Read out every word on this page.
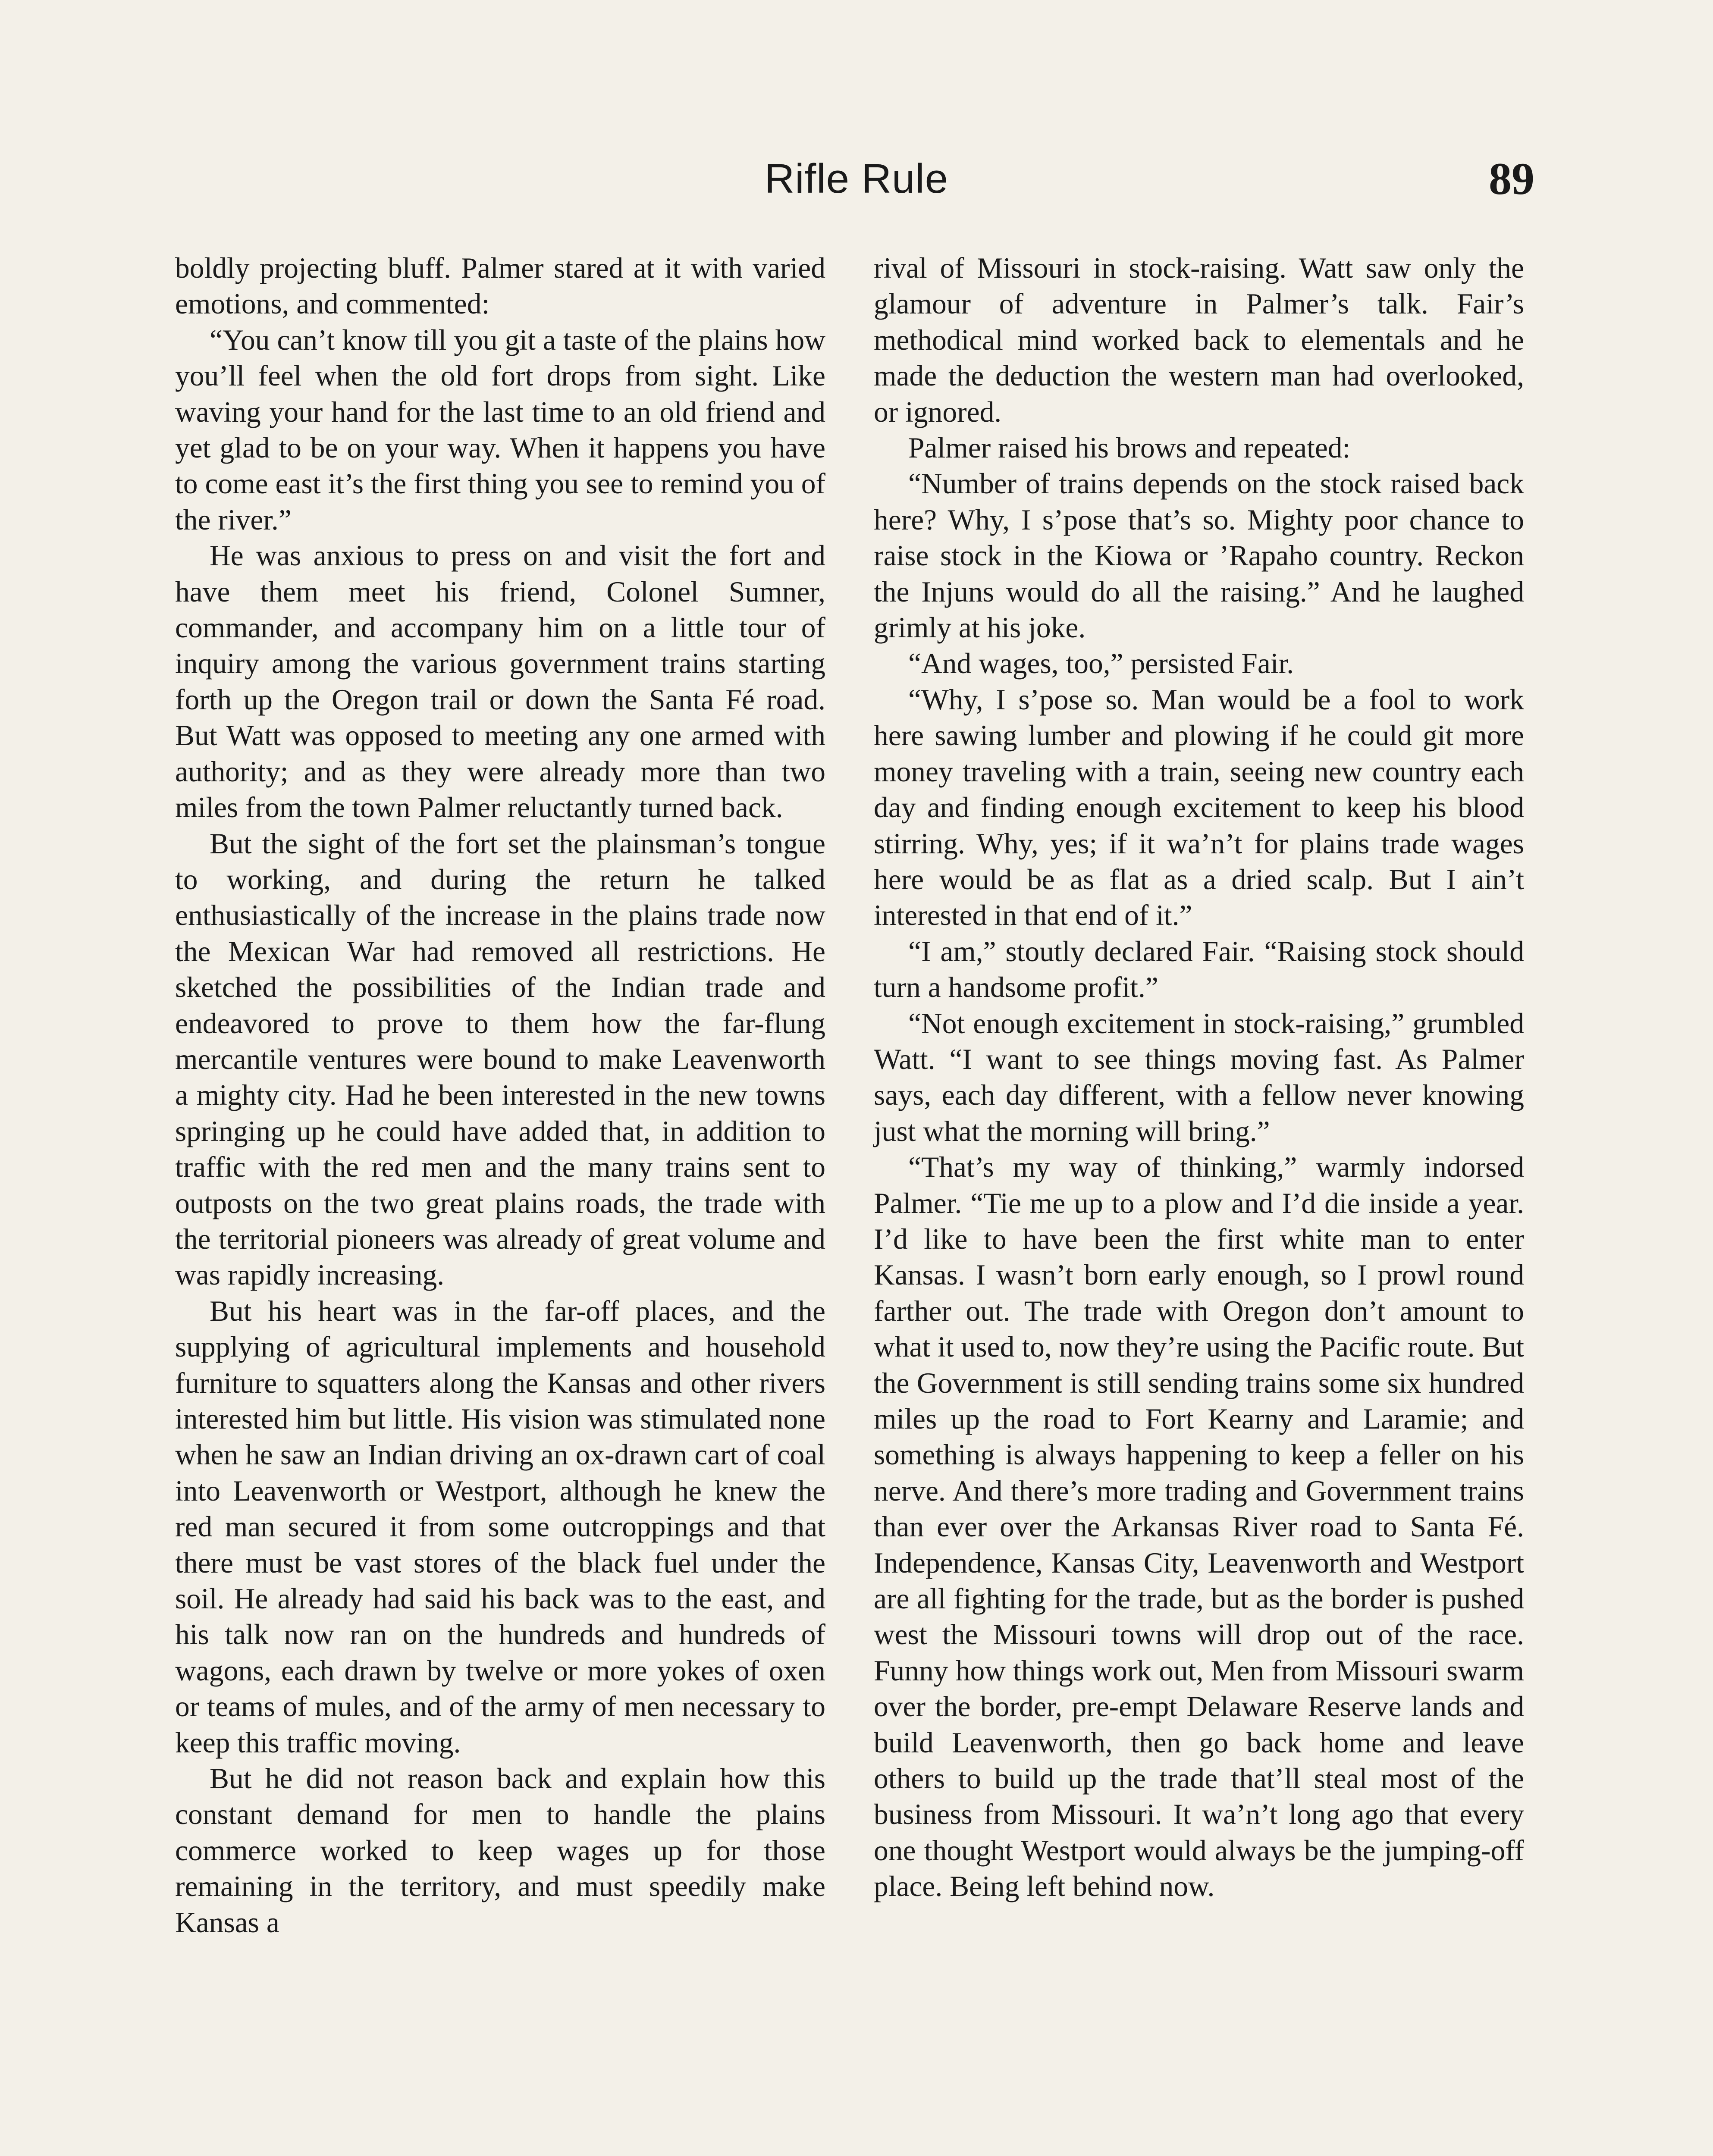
Rifle Rule	89

boldly projecting bluff. Palmer stared at it with varied emotions, and commented:

“You can’t know till you git a taste of the plains how you’ll feel when the old fort drops from sight. Like waving your hand for the last time to an old friend and yet glad to be on your way. When it happens you have to come east it’s the first thing you see to remind you of the river.”

He was anxious to press on and visit the fort and have them meet his friend, Colonel Sumner, commander, and accompany him on a little tour of inquiry among the various government trains starting forth up the Oregon trail or down the Santa Fé road. But Watt was opposed to meeting any one armed with authority; and as they were already more than two miles from the town Palmer reluctantly turned back.

But the sight of the fort set the plainsman’s tongue to working, and during the return he talked enthusiastically of the increase in the plains trade now the Mexican War had removed all restrictions. He sketched the possibilities of the Indian trade and endeavored to prove to them how the far-flung mercantile ventures were bound to make Leavenworth a mighty city. Had he been interested in the new towns springing up he could have added that, in addition to traffic with the red men and the many trains sent to outposts on the two great plains roads, the trade with the territorial pioneers was already of great volume and was rapidly increasing.

But his heart was in the far-off places, and the supplying of agricultural implements and household furniture to squatters along the Kansas and other rivers interested him but little. His vision was stimulated none when he saw an Indian driving an ox-drawn cart of coal into Leavenworth or Westport, although he knew the red man secured it from some outcroppings and that there must be vast stores of the black fuel under the soil. He already had said his back was to the east, and his talk now ran on the hundreds and hundreds of wagons, each drawn by twelve or more yokes of oxen or teams of mules, and of the army of men necessary to keep this traffic moving.

But he did not reason back and explain how this constant demand for men to handle the plains commerce worked to keep wages up for those remaining in the territory, and must speedily make Kansas a

rival of Missouri in stock-raising. Watt saw only the glamour of adventure in Palmer’s talk. Fair’s methodical mind worked back to elementals and he made the deduction the western man had overlooked, or ignored.

Palmer raised his brows and repeated:

“Number of trains depends on the stock raised back here? Why, I s’pose that’s so. Mighty poor chance to raise stock in the Kiowa or ’Rapaho country. Reckon the Injuns would do all the raising.” And he laughed grimly at his joke.

“And wages, too,” persisted Fair.

“Why, I s’pose so. Man would be a fool to work here sawing lumber and plowing if he could git more money traveling with a train, seeing new country each day and finding enough excitement to keep his blood stirring. Why, yes; if it wa’n’t for plains trade wages here would be as flat as a dried scalp. But I ain’t interested in that end of it.”

“I am,” stoutly declared Fair. “Raising stock should turn a handsome profit.”

“Not enough excitement in stock-raising,” grumbled Watt. “I want to see things moving fast. As Palmer says, each day different, with a fellow never knowing just what the morning will bring.”

“That’s my way of thinking,” warmly indorsed Palmer. “Tie me up to a plow and I’d die inside a year. I’d like to have been the first white man to enter Kansas. I wasn’t born early enough, so I prowl round farther out. The trade with Oregon don’t amount to what it used to, now they’re using the Pacific route. But the Government is still sending trains some six hundred miles up the road to Fort Kearny and Laramie; and something is always happening to keep a feller on his nerve. And there’s more trading and Government trains than ever over the Arkansas River road to Santa Fé. Independence, Kansas City, Leavenworth and Westport are all fighting for the trade, but as the border is pushed west the Missouri towns will drop out of the race. Funny how things work out, Men from Missouri swarm over the border, pre-empt Delaware Reserve lands and build Leavenworth, then go back home and leave others to build up the trade that’ll steal most of the business from Missouri. It wa’n’t long ago that every one thought Westport would always be the jumping-off place. Being left behind now.
